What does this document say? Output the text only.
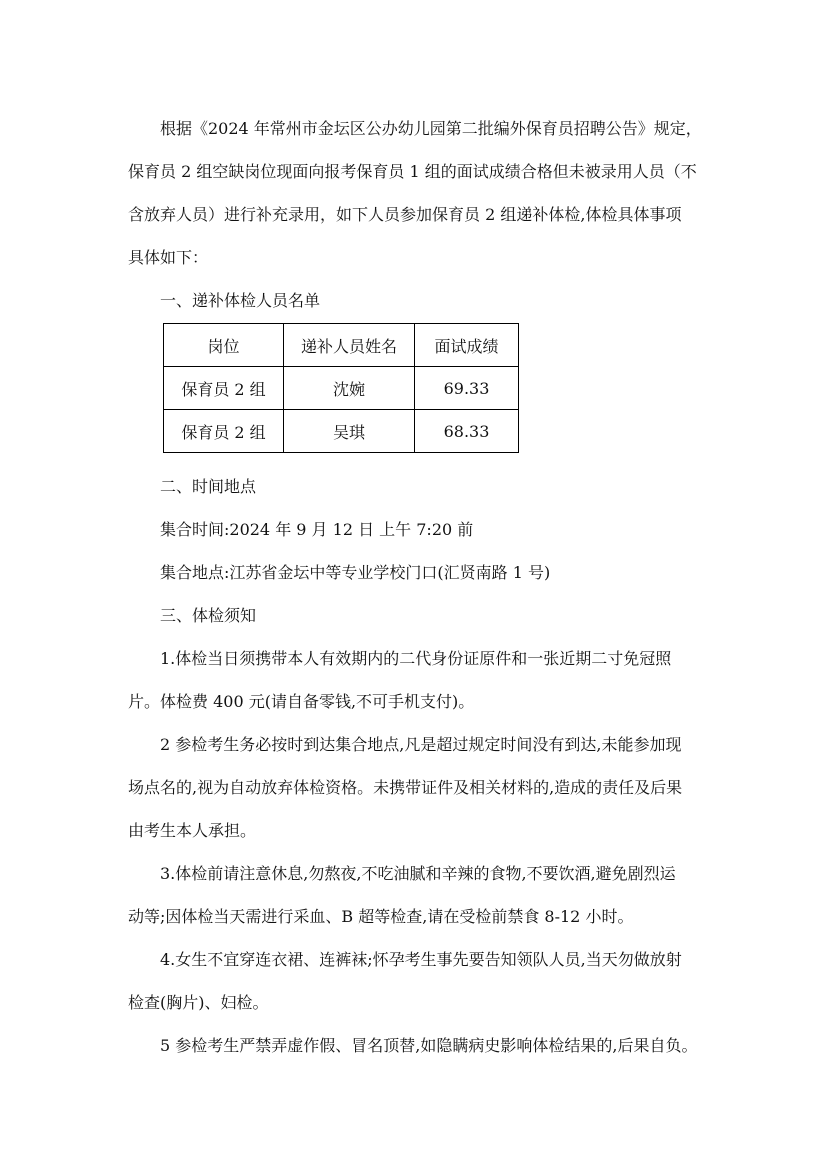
根据《2024 年常州市金坛区公办幼儿园第二批编外保育员招聘公告》规定，
保育员 2 组空缺岗位现面向报考保育员 1 组的面试成绩合格但未被录用人员（不
含放弃人员）进行补充录用，如下人员参加保育员 2 组递补体检,体检具体事项
具体如下：

一、递补体检人员名单

岗位	递补人员姓名	面试成绩
保育员 2 组	沈婉	69.33
保育员 2 组	吴琪	68.33

二、时间地点
集合时间:2024 年 9 月 12 日 上午 7:20 前
集合地点:江苏省金坛中等专业学校门口(汇贤南路 1 号)
三、体检须知

1.体检当日须携带本人有效期内的二代身份证原件和一张近期二寸免冠照
片。体检费 400 元(请自备零钱,不可手机支付)。
2 参检考生务必按时到达集合地点,凡是超过规定时间没有到达,未能参加现
场点名的,视为自动放弃体检资格。未携带证件及相关材料的,造成的责任及后果
由考生本人承担。
3.体检前请注意休息,勿熬夜,不吃油腻和辛辣的食物,不要饮酒,避免剧烈运
动等;因体检当天需进行采血、B 超等检查,请在受检前禁食 8-12 小时。
4.女生不宜穿连衣裙、连裤袜;怀孕考生事先要告知领队人员,当天勿做放射
检查(胸片)、妇检。
5 参检考生严禁弄虚作假、冒名顶替,如隐瞒病史影响体检结果的,后果自负。
